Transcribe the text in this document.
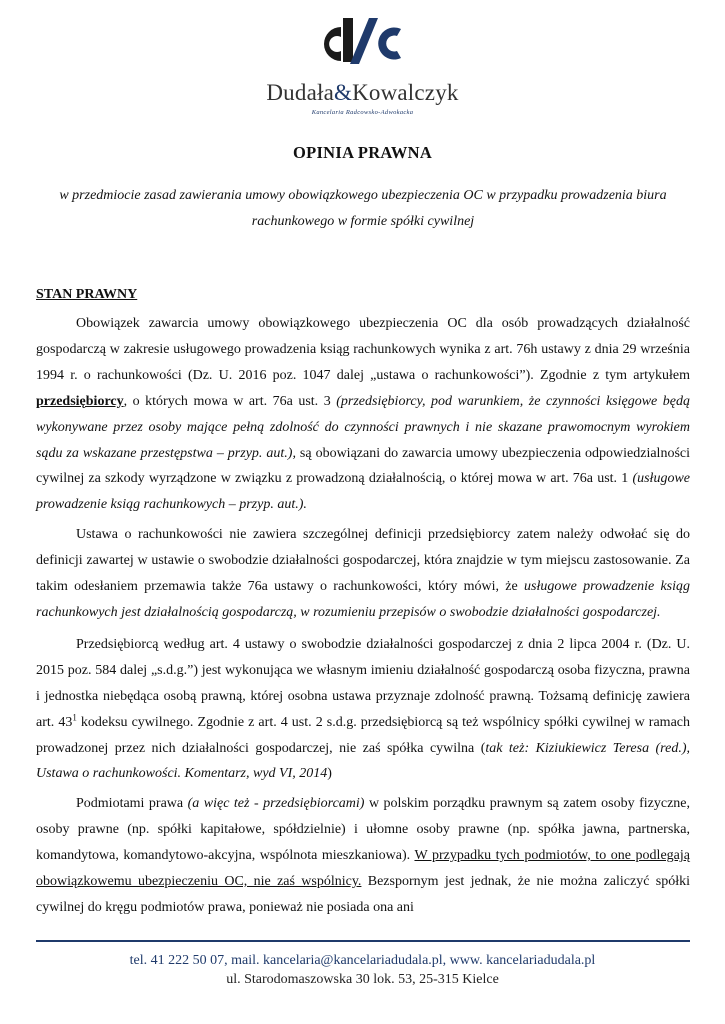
Dudała&Kowalczyk
Kancelaria Radcowsko-Adwokacka
OPINIA PRAWNA
w przedmiocie zasad zawierania umowy obowiązkowego ubezpieczenia OC w przypadku prowadzenia biura rachunkowego w formie spółki cywilnej
STAN PRAWNY

Obowiązek zawarcia umowy obowiązkowego ubezpieczenia OC dla osób prowadzących działalność gospodarczą w zakresie usługowego prowadzenia ksiąg rachunkowych wynika z art. 76h ustawy z dnia 29 września 1994 r. o rachunkowości (Dz. U. 2016 poz. 1047 dalej „ustawa o rachunkowości”). Zgodnie z tym artykułem przedsiębiorcy, o których mowa w art. 76a ust. 3 (przedsiębiorcy, pod warunkiem, że czynności księgowe będą wykonywane przez osoby mające pełną zdolność do czynności prawnych i nie skazane prawomocnym wyrokiem sądu za wskazane przestępstwa – przyp. aut.), są obowiązani do zawarcia umowy ubezpieczenia odpowiedzialności cywilnej za szkody wyrządzone w związku z prowadzoną działalnością, o której mowa w art. 76a ust. 1 (usługowe prowadzenie ksiąg rachunkowych – przyp. aut.).

Ustawa o rachunkowości nie zawiera szczególnej definicji przedsiębiorcy zatem należy odwołać się do definicji zawartej w ustawie o swobodzie działalności gospodarczej, która znajdzie w tym miejscu zastosowanie. Za takim odesłaniem przemawia także 76a ustawy o rachunkowości, który mówi, że usługowe prowadzenie ksiąg rachunkowych jest działalnością gospodarczą, w rozumieniu przepisów o swobodzie działalności gospodarczej.

Przedsiębiorcą według art. 4 ustawy o swobodzie działalności gospodarczej z dnia 2 lipca 2004 r. (Dz. U. 2015 poz. 584 dalej „s.d.g.”) jest wykonująca we własnym imieniu działalność gospodarczą osoba fizyczna, prawna i jednostka niebędąca osobą prawną, której osobna ustawa przyznaje zdolność prawną. Tożsamą definicję zawiera art. $43^1$ kodeksu cywilnego. Zgodnie z art. 4 ust. 2 s.d.g. przedsiębiorcą są też wspólnicy spółki cywilnej w ramach prowadzonej przez nich działalności gospodarczej, nie zaś spółka cywilna (tak też: Kiziukiewicz Teresa (red.), Ustawa o rachunkowości. Komentarz, wyd VI, 2014)

Podmiotami prawa (a więc też - przedsiębiorcami) w polskim porządku prawnym są zatem osoby fizyczne, osoby prawne (np. spółki kapitałowe, spółdzielnie) i ułomne osoby prawne (np. spółka jawna, partnerska, komandytowa, komandytowo-akcyjna, wspólnota mieszkaniowa). W przypadku tych podmiotów, to one podlegają obowiązkowemu ubezpieczeniu OC, nie zaś wspólnicy. Bezspornym jest jednak, że nie można zaliczyć spółki cywilnej do kręgu podmiotów prawa, ponieważ nie posiada ona ani

tel. 41 222 50 07, mail. kancelaria@kancelariadudala.pl, www. kancelariadudala.pl
ul. Starodomaszowska 30 lok. 53, 25-315 Kielce
